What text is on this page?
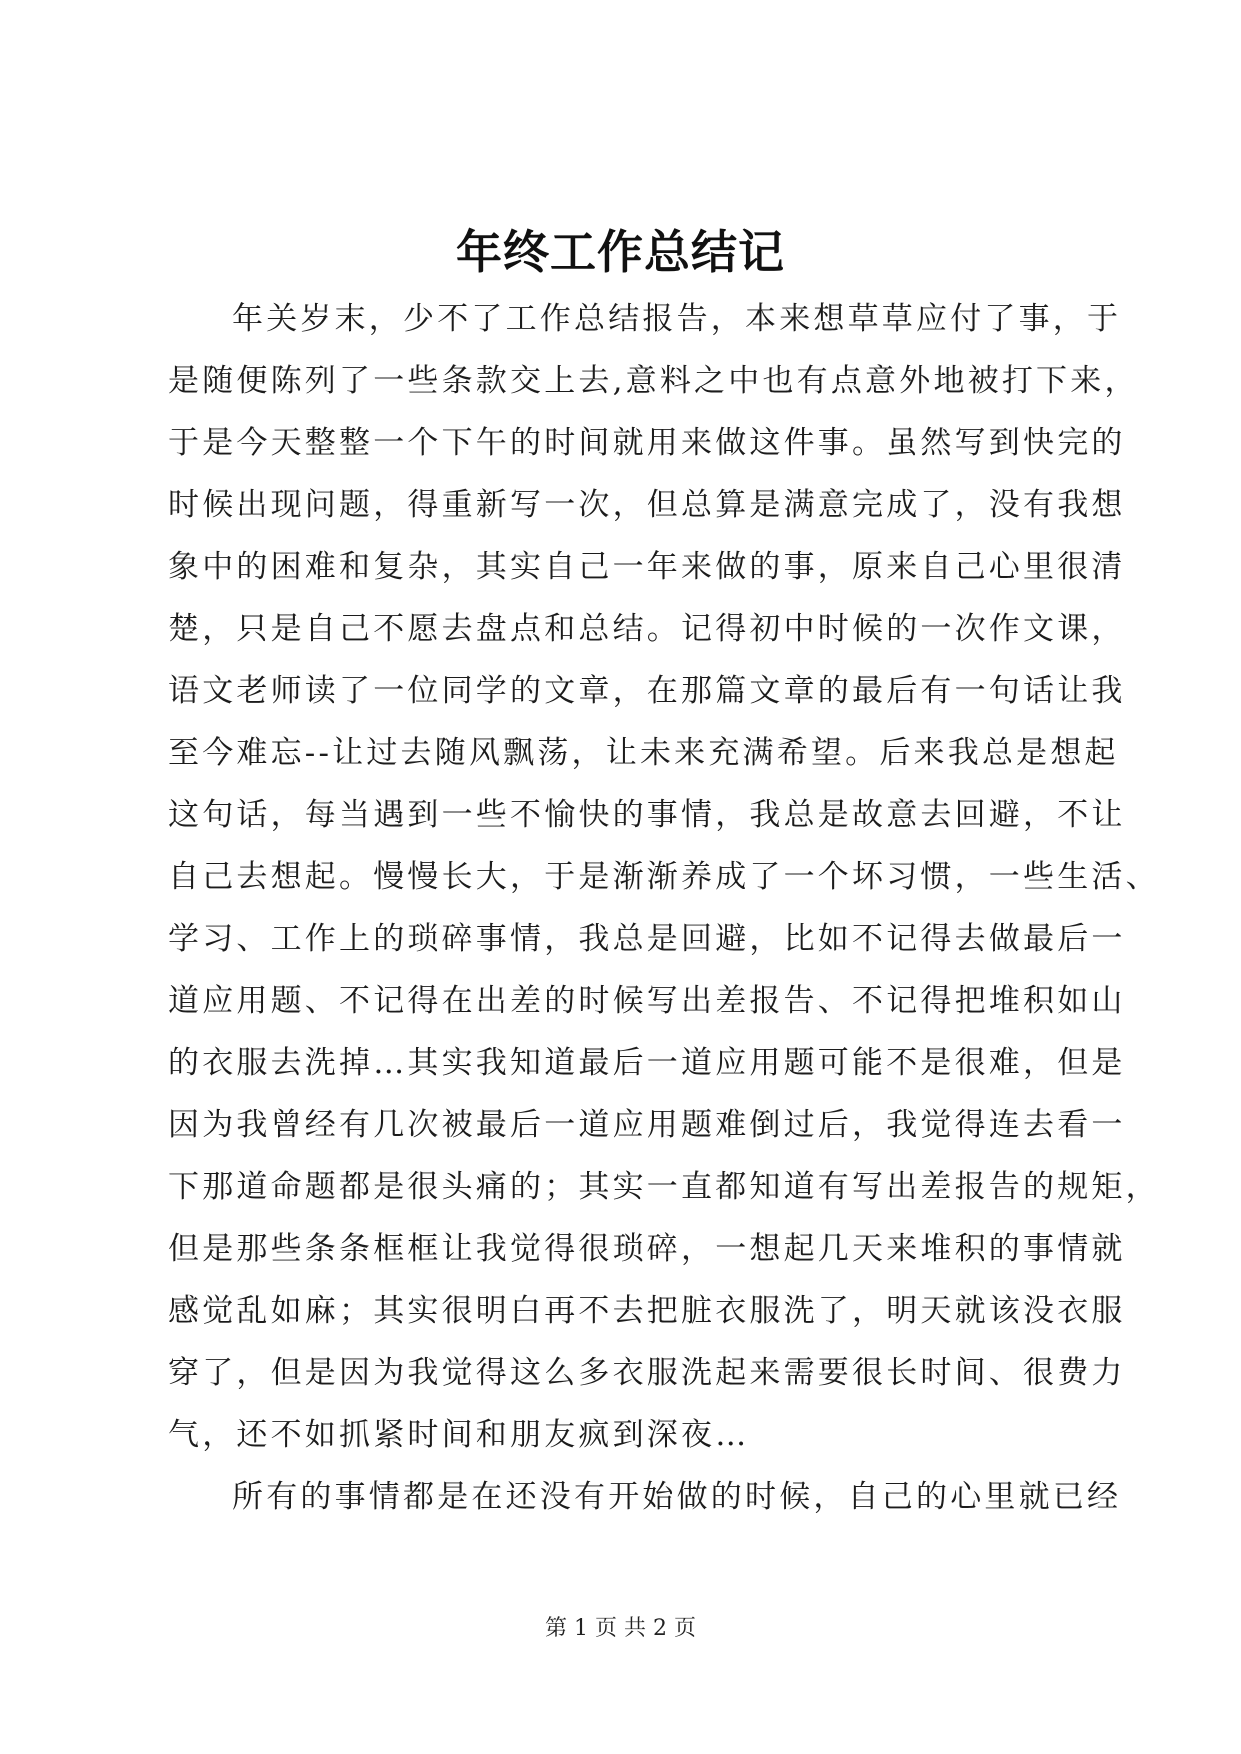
年终工作总结记
年关岁末，少不了工作总结报告，本来想草草应付了事，于
是随便陈列了一些条款交上去,意料之中也有点意外地被打下来，
于是今天整整一个下午的时间就用来做这件事。虽然写到快完的
时候出现问题，得重新写一次，但总算是满意完成了，没有我想
象中的困难和复杂，其实自己一年来做的事，原来自己心里很清
楚，只是自己不愿去盘点和总结。记得初中时候的一次作文课，
语文老师读了一位同学的文章，在那篇文章的最后有一句话让我
至今难忘--让过去随风飘荡，让未来充满希望。后来我总是想起
这句话，每当遇到一些不愉快的事情，我总是故意去回避，不让
自己去想起。慢慢长大，于是渐渐养成了一个坏习惯，一些生活、
学习、工作上的琐碎事情，我总是回避，比如不记得去做最后一
道应用题、不记得在出差的时候写出差报告、不记得把堆积如山
的衣服去洗掉…其实我知道最后一道应用题可能不是很难，但是
因为我曾经有几次被最后一道应用题难倒过后，我觉得连去看一
下那道命题都是很头痛的；其实一直都知道有写出差报告的规矩，
但是那些条条框框让我觉得很琐碎，一想起几天来堆积的事情就
感觉乱如麻；其实很明白再不去把脏衣服洗了，明天就该没衣服
穿了，但是因为我觉得这么多衣服洗起来需要很长时间、很费力
气，还不如抓紧时间和朋友疯到深夜…
所有的事情都是在还没有开始做的时候，自己的心里就已经
第 1 页 共 2 页
